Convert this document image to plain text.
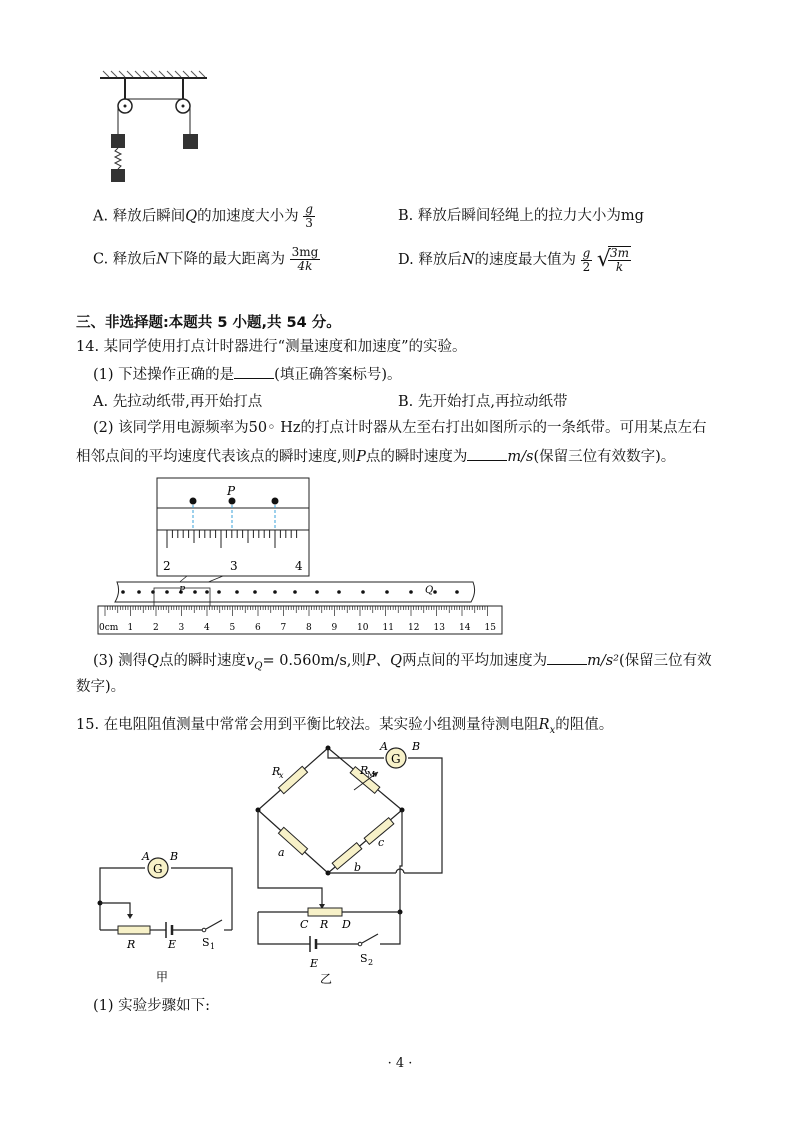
A. 释放后瞬间Q的加速度大小为 $\frac{g}{3}$	B. 释放后瞬间轻绳上的拉力大小为mg
C. 释放后N下降的最大距离为 $\frac{3mg}{4k}$	D. 释放后N的速度最大值为 $\frac{g}{2}$ √
$\frac{3m}{k}$
三、非选择题:本题共 5 小题,共 54 分。
14. 某同学使用打点计时器进行“测量速度和加速度”的实验。
(1) 下述操作正确的是	(填正确答案标号)。
A. 先拉动纸带,再开始打点	B. 先开始打点,再拉动纸带
(2) 该同学用电源频率为50◦ Hz的打点计时器从左至右打出如图所示的一条纸带。可用某点左右
相邻点间的平均速度代表该点的瞬时速度,则P点的瞬时速度为	m/s(保留三位有效数字)。
P
2	3	4
P	Q
0cm 1 2 3 4 5 6 7 8 9 10 11 12 13 14 15
(3) 测得Q点的瞬时速度$v_Q= 0.560m/s$,则P、Q两点间的平均加速度为	m/s²(保留三位有效
数字)。
15. 在电阻阻值测量中常常会用到平衡比较法。某实验小组测量待测电阻$R_x$的阻值。
G
A B
R	E S 1
甲
G
A B
R
x	R
M
a
b
c
C R D
E	S 2
乙
(1) 实验步骤如下:
· 4 ·
